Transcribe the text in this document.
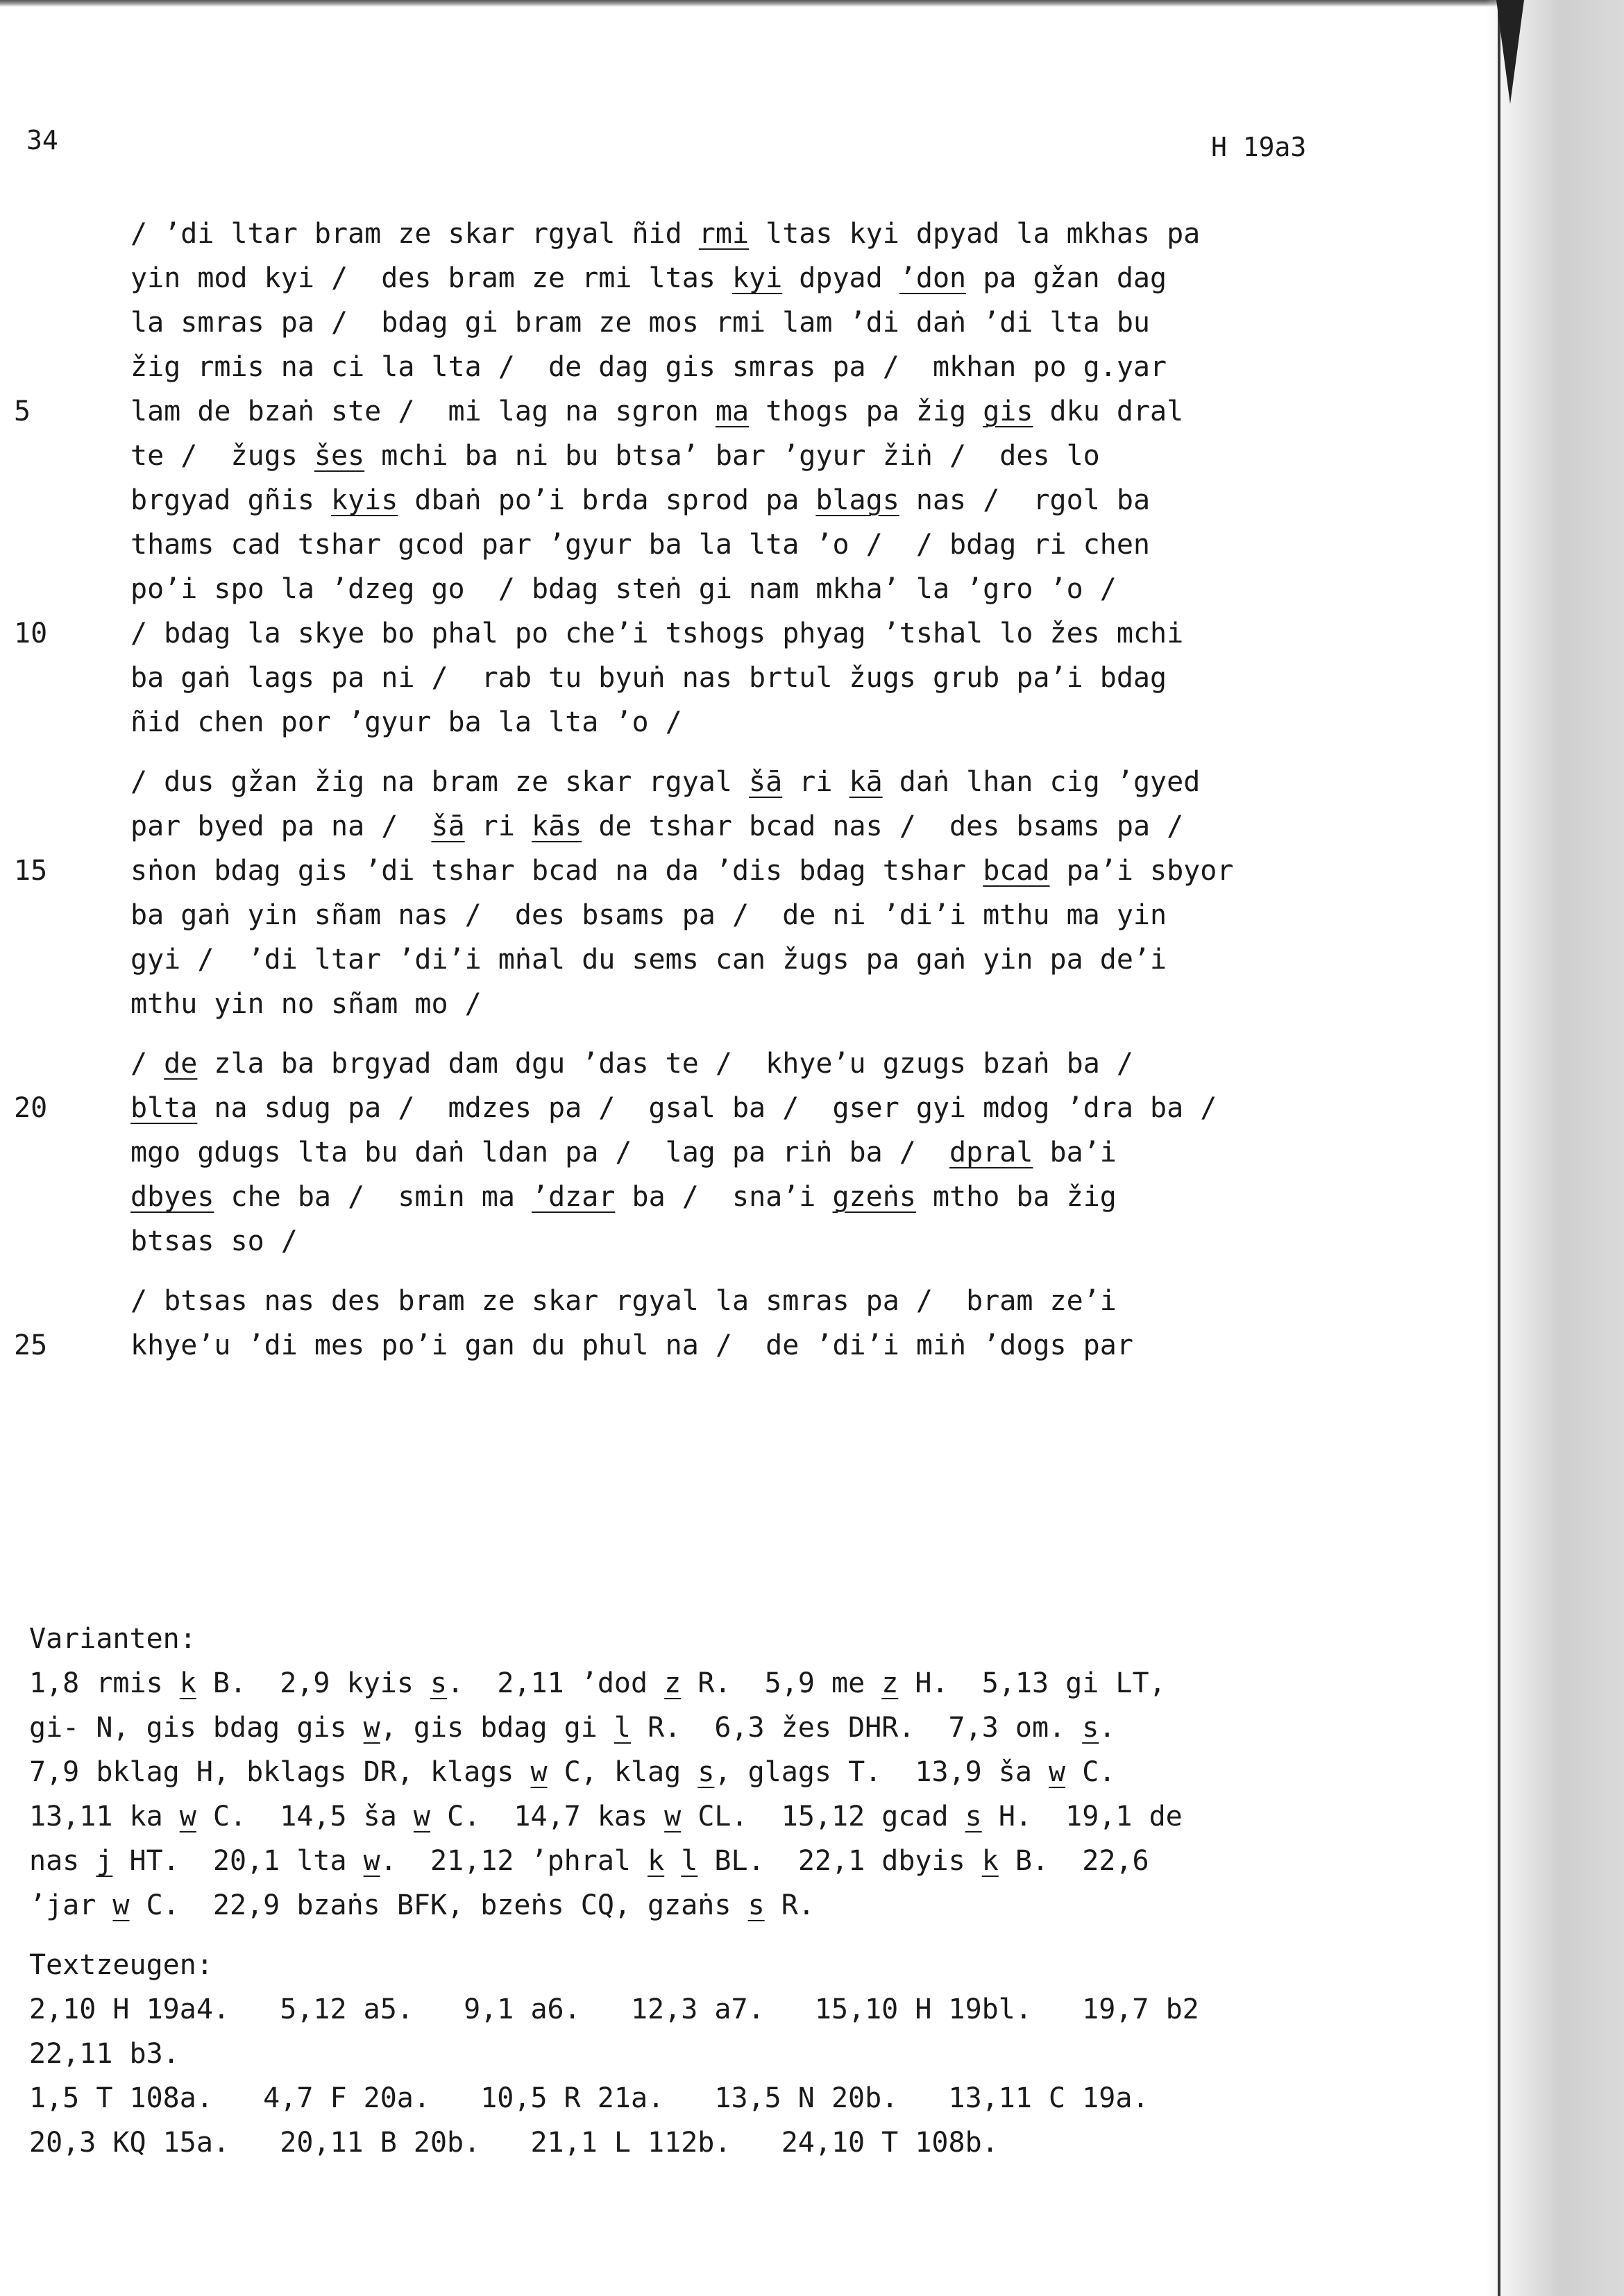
34	H 19a3
/ ’di ltar bram ze skar rgyal ñid rmi ltas kyi dpyad la mkhas pa
yin mod kyi /  des bram ze rmi ltas kyi dpyad ’don pa gžan dag
la smras pa /  bdag gi bram ze mos rmi lam ’di daṅ ’di lta bu
žig rmis na ci la lta /  de dag gis smras pa /  mkhan po g.yar
5	lam de bzaṅ ste /  mi lag na sgron ma thogs pa žig gis dku dral
te /  žugs šes mchi ba ni bu btsa’ bar ’gyur žiṅ /  des lo
brgyad gñis kyis dbaṅ po’i brda sprod pa blags nas /  rgol ba
thams cad tshar gcod par ’gyur ba la lta ’o /  / bdag ri chen
po’i spo la ’dzeg go  / bdag steṅ gi nam mkha’ la ’gro ’o /
10	/ bdag la skye bo phal po che’i tshogs phyag ’tshal lo žes mchi
ba gaṅ lags pa ni /  rab tu byuṅ nas brtul žugs grub pa’i bdag
ñid chen por ’gyur ba la lta ’o /
/ dus gžan žig na bram ze skar rgyal šā ri kā daṅ lhan cig ’gyed
par byed pa na /  šā ri kās de tshar bcad nas /  des bsams pa /
15	sṅon bdag gis ’di tshar bcad na da ’dis bdag tshar bcad pa’i sbyor
ba gaṅ yin sñam nas /  des bsams pa /  de ni ’di’i mthu ma yin
gyi /  ’di ltar ’di’i mṅal du sems can žugs pa gaṅ yin pa de’i
mthu yin no sñam mo /
/ de zla ba brgyad dam dgu ’das te /  khye’u gzugs bzaṅ ba /
20	blta na sdug pa /  mdzes pa /  gsal ba /  gser gyi mdog ’dra ba /
mgo gdugs lta bu daṅ ldan pa /  lag pa riṅ ba /  dpral ba’i
dbyes che ba /  smin ma ’dzar ba /  sna’i gzeṅs mtho ba žig
btsas so /
/ btsas nas des bram ze skar rgyal la smras pa /  bram ze’i
25	khye’u ’di mes po’i gan du phul na /  de ’di’i miṅ ’dogs par
Varianten:
1,8 rmis k B.  2,9 kyis s.  2,11 ’dod z R.  5,9 me z H.  5,13 gi LT,
gi- N, gis bdag gis w, gis bdag gi l R.  6,3 žes DHR.  7,3 om. s.
7,9 bklag H, bklags DR, klags w C, klag s, glags T.  13,9 ša w C.
13,11 ka w C.  14,5 ša w C.  14,7 kas w CL.  15,12 gcad s H.  19,1 de
nas j HT.  20,1 lta w.  21,12 ’phral k l BL.  22,1 dbyis k B.  22,6
’jar w C.  22,9 bzaṅs BFK, bzeṅs CQ, gzaṅs s R.
Textzeugen:
2,10 H 19a4.   5,12 a5.   9,1 a6.   12,3 a7.   15,10 H 19bl.   19,7 b2
22,11 b3.
1,5 T 108a.   4,7 F 20a.   10,5 R 21a.   13,5 N 20b.   13,11 C 19a.
20,3 KQ 15a.   20,11 B 20b.   21,1 L 112b.   24,10 T 108b.
